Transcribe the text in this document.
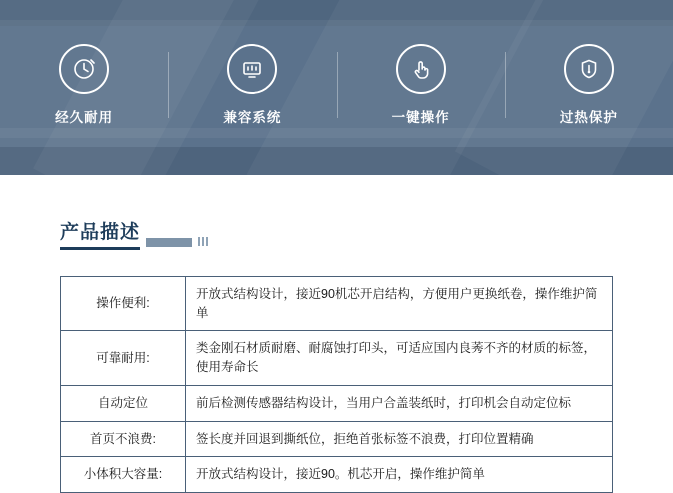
经久耐用	兼容系统	一键操作	过热保护
产品描述
操作便利:	开放式结构设计，接近90机芯开启结构，方便用户更换纸卷，操作维护简单
可靠耐用:	类金刚石材质耐磨、耐腐蚀打印头，可适应国内良莠不齐的材质的标签，使用寿命长
自动定位	前后检测传感器结构设计，当用户合盖装纸时，打印机会自动定位标
首页不浪费:	签长度并回退到撕纸位，拒绝首张标签不浪费，打印位置精确
小体积大容量:	开放式结构设计，接近90。机芯开启，操作维护简单
